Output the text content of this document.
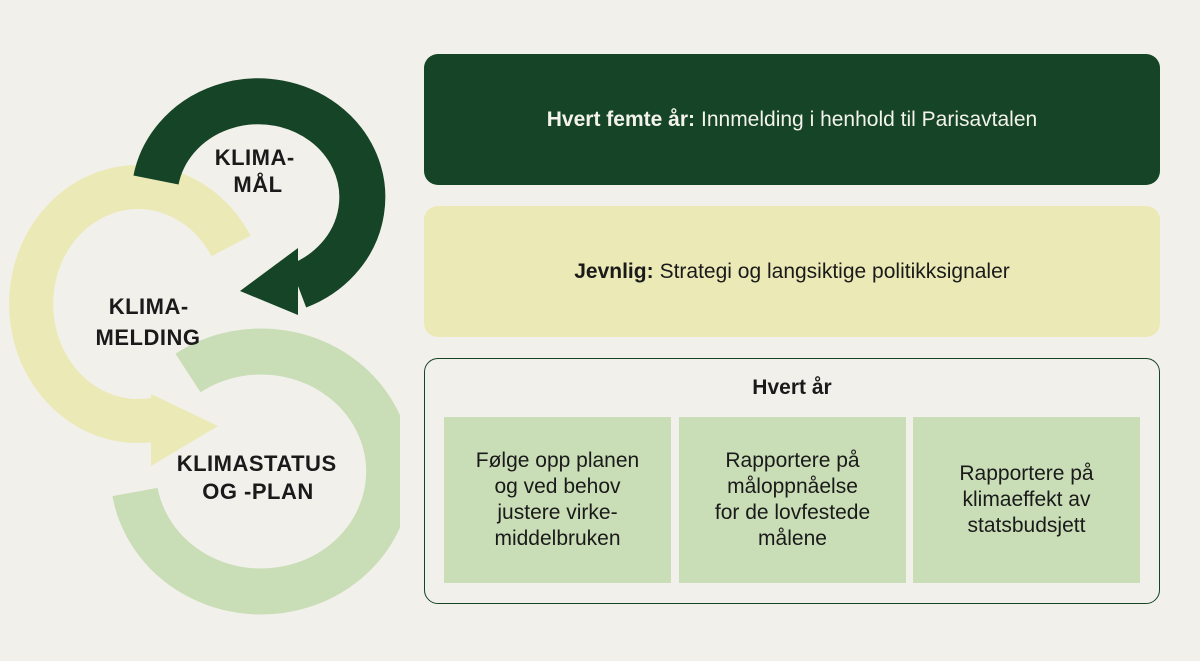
KLIMA- MÅL
KLIMA- MELDING
KLIMASTATUS OG -PLAN
Hvert femte år: Innmelding i henhold til Parisavtalen
Jevnlig: Strategi og langsiktige politikksignaler
Hvert år
Følge opp planen
og ved behov
justere virke-
middelbruken
Rapportere på
måloppnåelse
for de lovfestede
målene
Rapportere på
klimaeffekt av
statsbudsjett
